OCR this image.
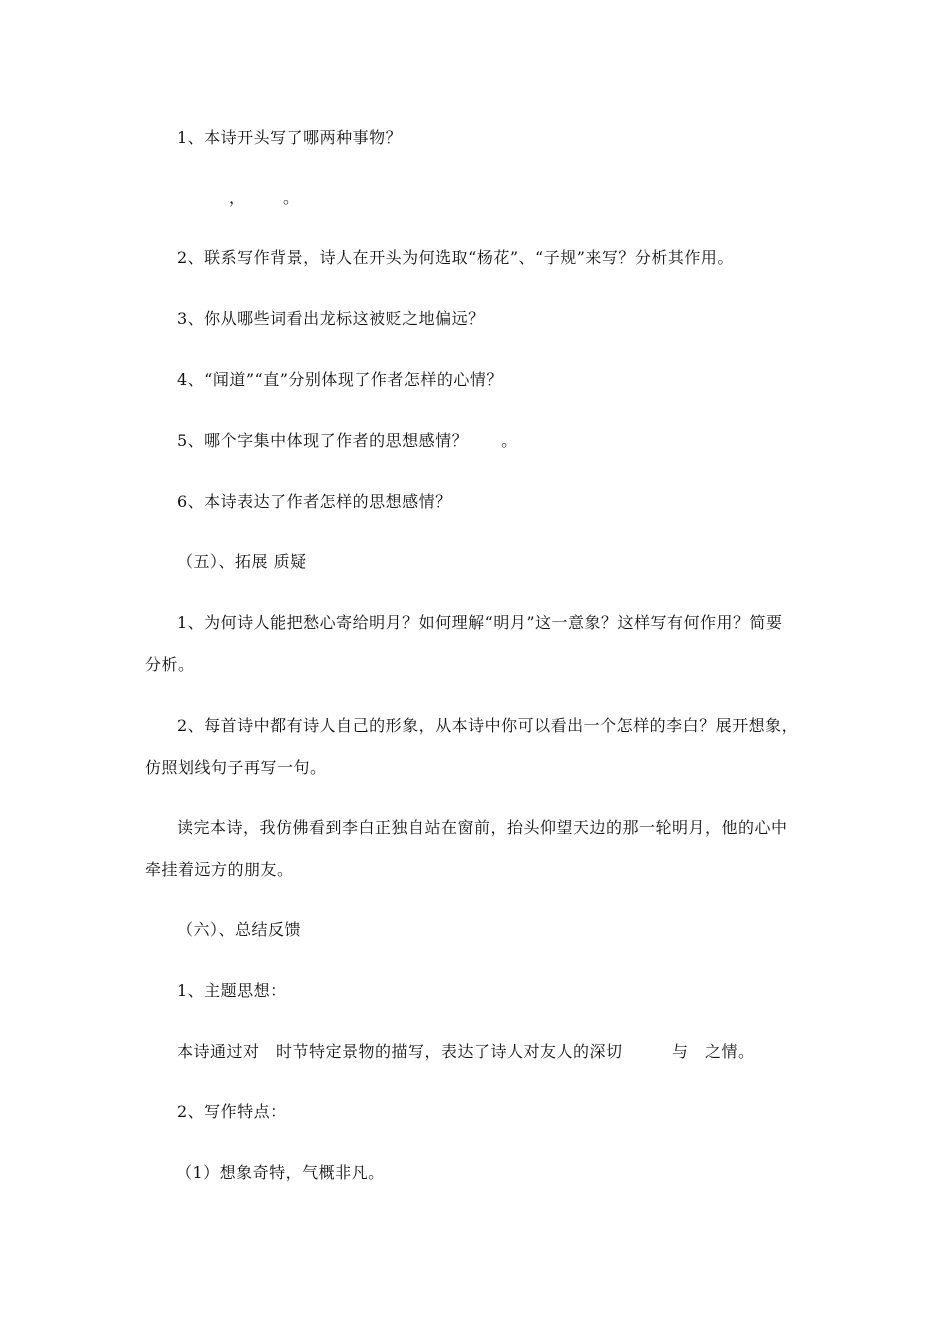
1、本诗开头写了哪两种事物？

，

。

2、联系写作背景，诗人在开头为何选取“杨花”、“子规”来写？分析其作用。
3、你从哪些词看出龙标这被贬之地偏远？
4、“闻道”“直”分别体现了作者怎样的心情？
5、哪个字集中体现了作者的思想感情？　　。
6、本诗表达了作者怎样的思想感情？
（五）、拓展 质疑
1、为何诗人能把愁心寄给明月？如何理解“明月”这一意象？这样写有何作用？简要
分析。
2、每首诗中都有诗人自己的形象，从本诗中你可以看出一个怎样的李白？展开想象，
仿照划线句子再写一句。
读完本诗，我仿佛看到李白正独自站在窗前，抬头仰望天边的那一轮明月，他的心中
牵挂着远方的朋友。
（六）、总结反馈
1、主题思想：
本诗通过对　时节特定景物的描写，表达了诗人对友人的深切　　　与　之情。
2、写作特点：
（1）想象奇特，气概非凡。
